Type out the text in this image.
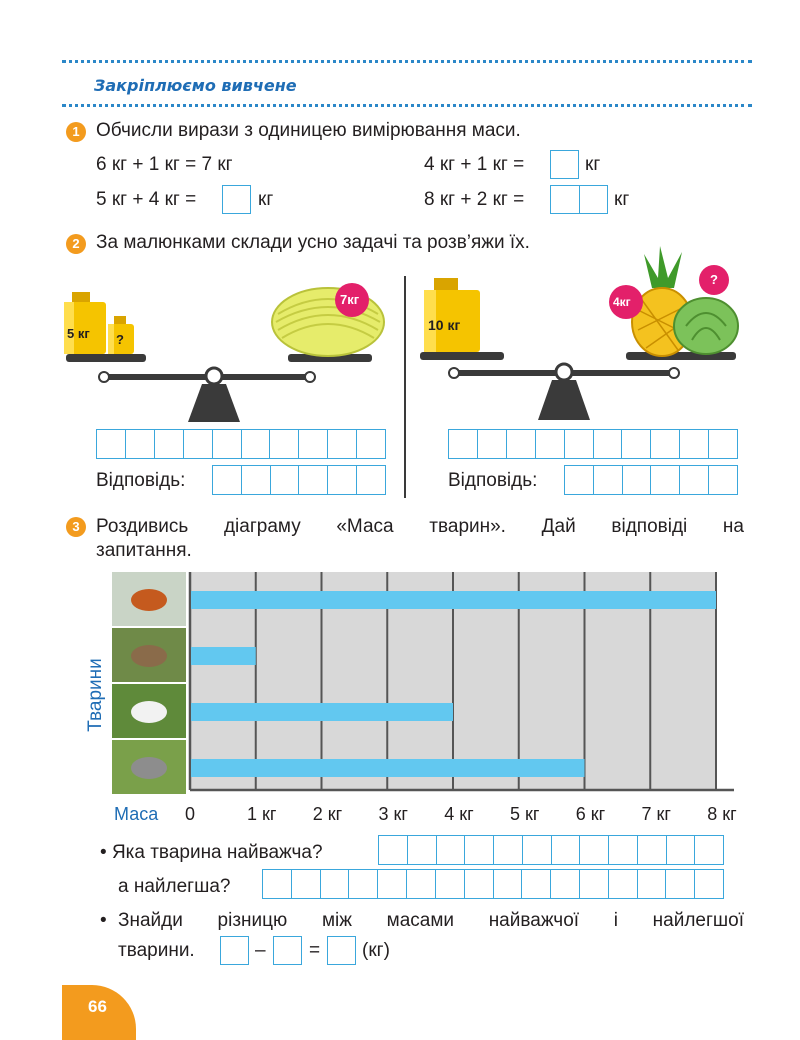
Закріплюємо вивчене
1 Обчисли вирази з одиницею вимірювання маси.
6 кг + 1 кг = 7 кг	4 кг + 1 кг =	кг
5 кг + 4 кг =	кг	8 кг + 2 кг =	кг
2 За малюнками склади усно задачі та розв’яжи їх.
5 кг ?
7кг
Відповідь:
10 кг
4кг
?
Відповідь:
3 Роздивись діаграму «Маса тварин». Дай відповіді на
запитання.
Тварини
0	1 кг 2 кг 3 кг 4 кг 5 кг 6 кг 7 кг 8 кг
Маса
• Яка тварина найважча?
а найлегша?
• Знайди різницю між масами найважчої і найлегшої
тварини.	– = (кг)
66
